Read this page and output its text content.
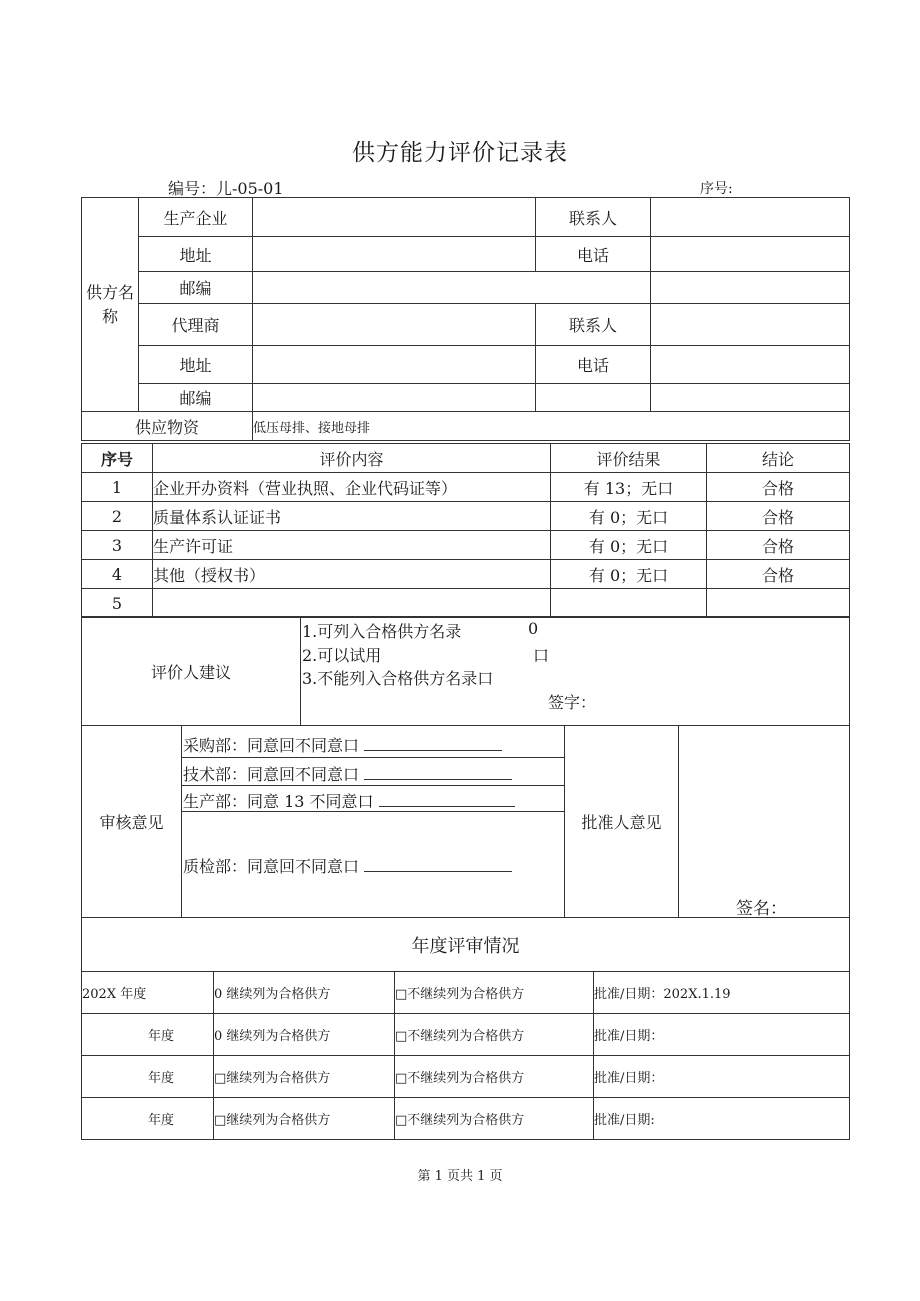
供方能力评价记录表
编号：儿-05-01	序号:
供方名称	生产企业		联系人	
	地址		电话	
	邮编			
	代理商		联系人	
	地址		电话	
	邮编			
供应物资		低压母排、接地母排		
序号	评价内容	评价结果	结论
1	企业开办资料（营业执照、企业代码证等）	有 13；无口	合格
2	质量体系认证证书	有 0；无口	合格
3	生产许可证	有 0；无口	合格
4	其他（授权书）	有 0；无口	合格
5			
评价人建议	
1.可列入合格供方名录	0
2.可以试用	口
3.不能列入合格供方名录口
签字：
审核意见	
采购部：同意回不同意口
技术部：同意回不同意口
生产部：同意 13 不同意口
质检部：同意回不同意口
	批准人意见	
签名：
年度评审情况			
202X 年度	0 继续列为合格供方	□不继续列为合格供方	批准/日期：202X.1.19
年度	0 继续列为合格供方	□不继续列为合格供方	批准/日期：
年度	□继续列为合格供方	□不继续列为合格供方	批准/日期：
年度	□继续列为合格供方	□不继续列为合格供方	批准/日期:
第 1 页共 1 页
